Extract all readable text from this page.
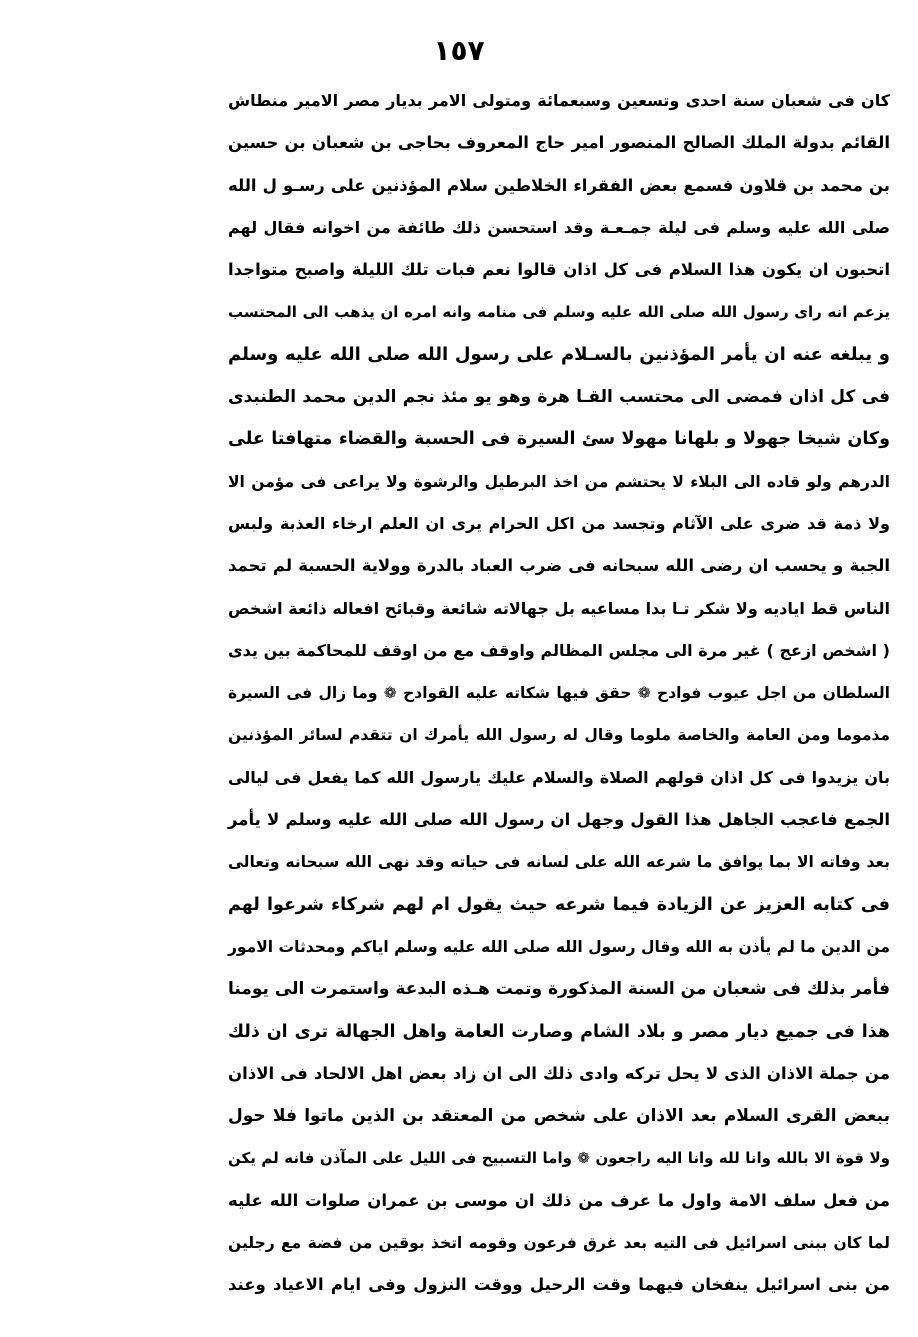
١٥٧
كان فى شعبان سنة احدى وتسعين وسبعمائة ومتولى الامر بديار مصر الامير منطاش
القائم بدولة الملك الصالح المنصور امير حاج المعروف بحاجى بن شعبان بن حسين
بن محمد بن قلاون فسمع بعض الفقراء الخلاطين سلام المؤذنين على رسـو ل الله
صلى الله عليه وسلم فى ليلة جمـعـة وقد استحسن ذلك طائفة من اخوانه فقال لهم
اتحبون ان يكون هذا السلام فى كل اذان قالوا نعم فبات تلك الليلة واصبح متواجدا
يزعم انه راى رسول الله صلى الله عليه وسلم فى منامه وانه امره ان يذهب الى المحتسب
و يبلغه عنه ان يأمر المؤذنين بالسـلام على رسول الله صلى الله عليه وسلم
فى كل اذان فمضى الى محتسب القـا هرة وهو يو مئذ نجم الدين محمد الطنبدى
وكان شيخا جهولا و بلهانا مهولا سئ السيرة فى الحسبة والقضاء متهافتا على
الدرهم ولو قاده الى البلاء لا يحتشم من اخذ البرطيل والرشوة ولا يراعى فى مؤمن الا
ولا ذمة قد ضرى على الآثام وتجسد من اكل الحرام يرى ان العلم ارخاء العذبة ولبس
الجبة و يحسب ان رضى الله سبحانه فى ضرب العباد بالدرة وولاية الحسبة لم تحمد
الناس قط اياديه ولا شكر تـا بدا مساعيه بل جهالاته شائعة وقبائح افعاله ذائعة اشخص
( اشخص ازعج ) غير مرة الى مجلس المظالم واوقف مع من اوقف للمحاكمة بين يدى
السلطان من اجل عيوب فوادح ❁ حقق فيها شكاته عليه القوادح ❁ وما زال فى السيرة
مذموما ومن العامة والخاصة ملوما وقال له رسول الله يأمرك ان تتقدم لسائر المؤذنين
بان يزيدوا فى كل اذان قولهم الصلاة والسلام عليك يارسول الله كما يفعل فى ليالى
الجمع فاعجب الجاهل هذا القول وجهل ان رسول الله صلى الله عليه وسلم لا يأمر
بعد وفاته الا بما يوافق ما شرعه الله على لسانه فى حياته وقد نهى الله سبحانه وتعالى
فى كتابه العزيز عن الزيادة فيما شرعه حيث يقول ام لهم شركاء شرعوا لهم
من الدين ما لم يأذن به الله وقال رسول الله صلى الله عليه وسلم اياكم ومحدثات الامور
فأمر بذلك فى شعبان من السنة المذكورة وتمت هـذه البدعة واستمرت الى يومنا
هذا فى جميع ديار مصر و بلاد الشام وصارت العامة واهل الجهالة ترى ان ذلك
من جملة الاذان الذى لا يحل تركه وادى ذلك الى ان زاد بعض اهل الالحاد فى الاذان
ببعض القرى السلام بعد الاذان على شخص من المعتقد بن الذين ماتوا فلا حول
ولا قوة الا بالله وانا لله وانا اليه راجعون ❁ واما التسبيح فى الليل على المآذن فانه لم يكن
من فعل سلف الامة واول ما عرف من ذلك ان موسى بن عمران صلوات الله عليه
لما كان ببنى اسرائيل فى التيه بعد غرق فرعون وقومه اتخذ بوقين من فضة مع رجلين
من بنى اسرائيل ينفخان فيهما وقت الرحيل ووقت النزول وفى ايام الاعياد وعند
